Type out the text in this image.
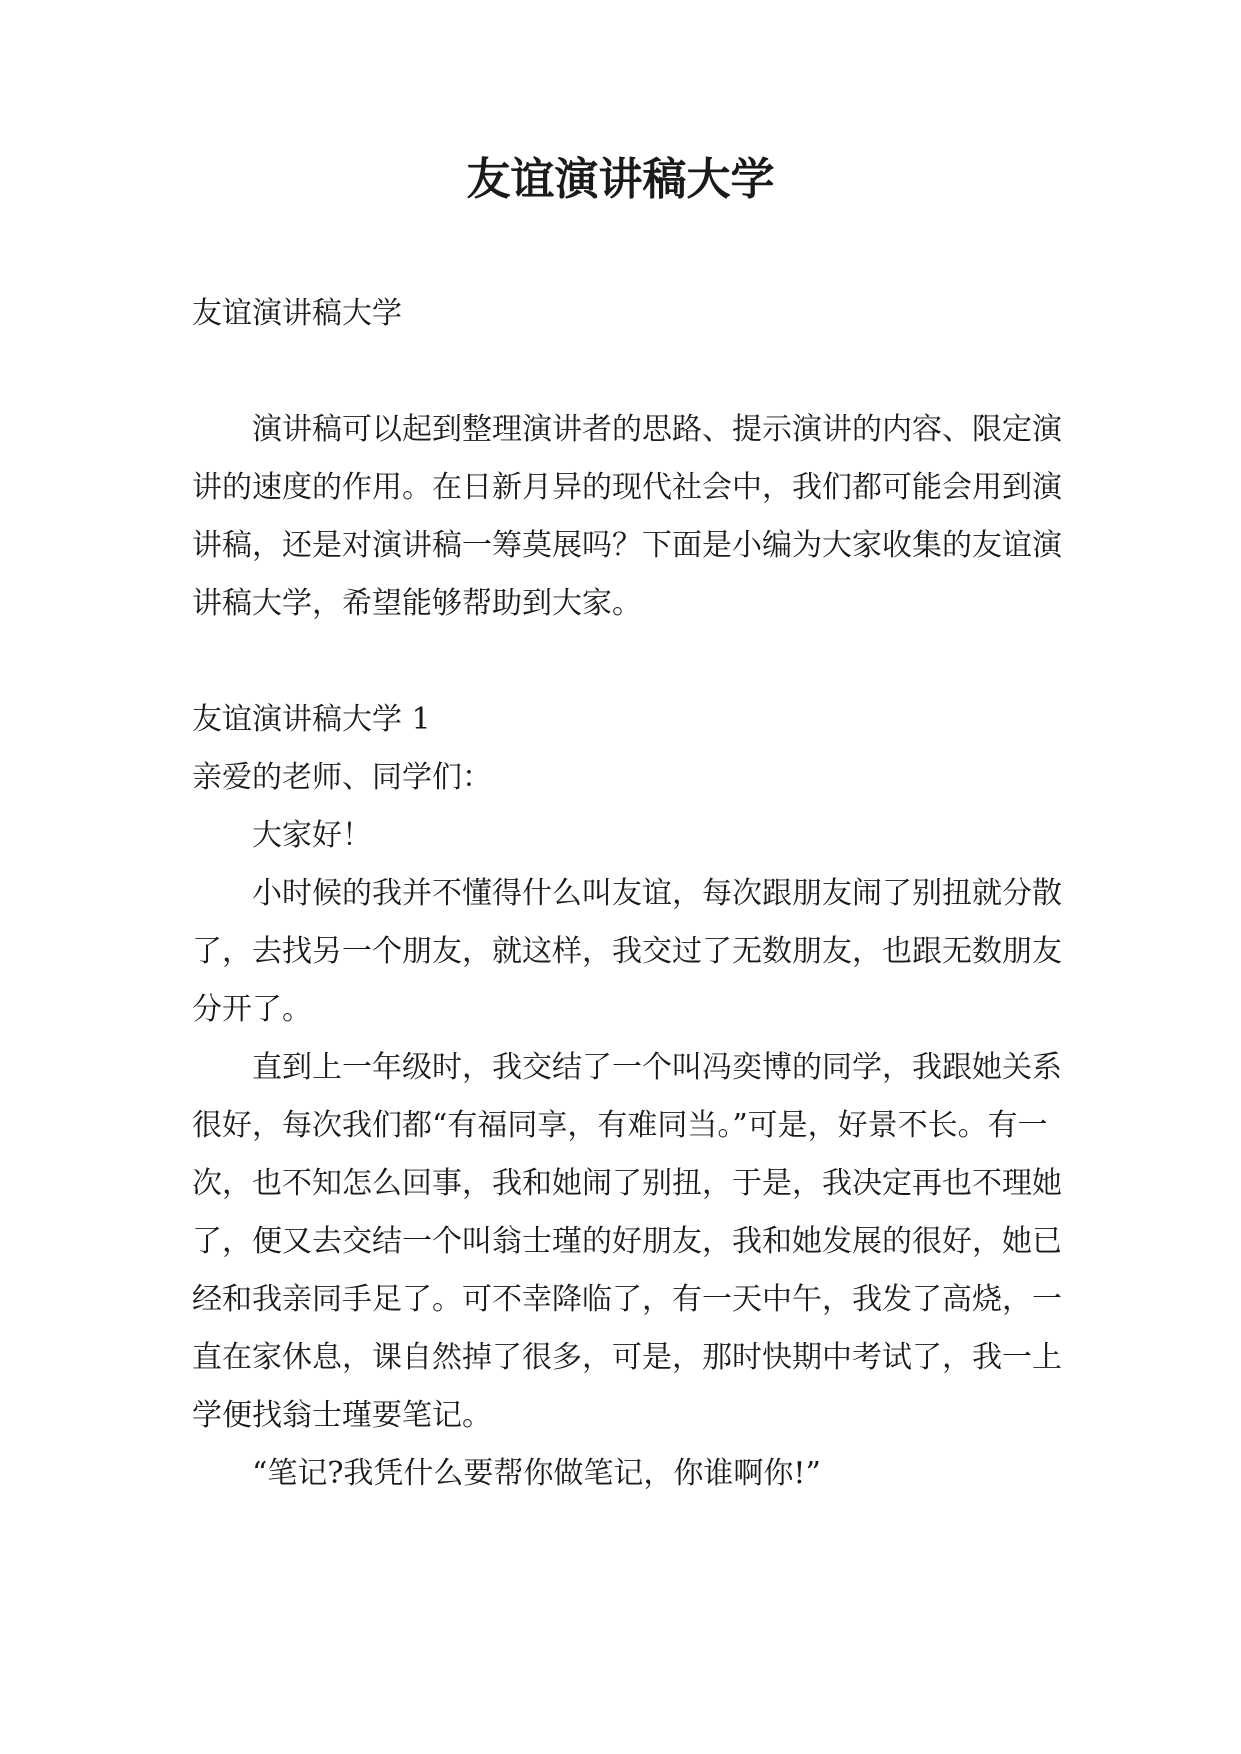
友谊演讲稿大学

友谊演讲稿大学

演讲稿可以起到整理演讲者的思路、提示演讲的内容、限定演讲的速度的作用。在日新月异的现代社会中，我们都可能会用到演讲稿，还是对演讲稿一筹莫展吗？下面是小编为大家收集的友谊演讲稿大学，希望能够帮助到大家。

友谊演讲稿大学 1

亲爱的老师、同学们：

大家好！

小时候的我并不懂得什么叫友谊，每次跟朋友闹了别扭就分散了，去找另一个朋友，就这样，我交过了无数朋友，也跟无数朋友分开了。

直到上一年级时，我交结了一个叫冯奕博的同学，我跟她关系很好，每次我们都“有福同享，有难同当。”可是，好景不长。有一次，也不知怎么回事，我和她闹了别扭，于是，我决定再也不理她了，便又去交结一个叫翁士瑾的好朋友，我和她发展的很好，她已经和我亲同手足了。可不幸降临了，有一天中午，我发了高烧，一直在家休息，课自然掉了很多，可是，那时快期中考试了，我一上学便找翁士瑾要笔记。

“笔记?我凭什么要帮你做笔记，你谁啊你!”
